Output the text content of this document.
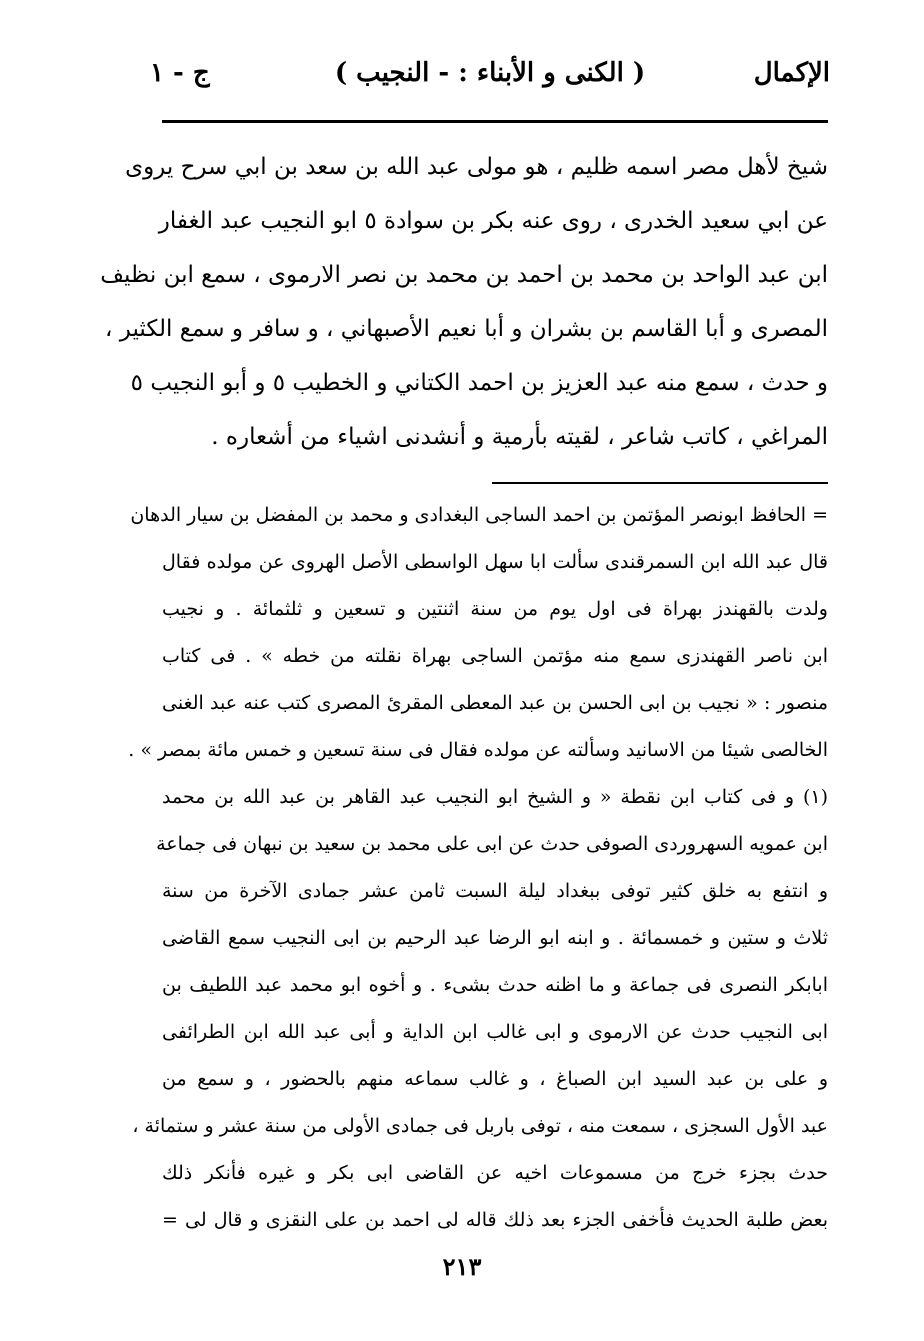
الإكمال
( الكنى و الأبناء : - النجيب )
ج - ١
شيخ لأهل مصر اسمه ظليم ، هو مولى عبد الله بن سعد بن ابي سرح يروى
عن ابي سعيد الخدرى ، روى عنه بكر بن سوادة ٥ ابو النجيب عبد الغفار
ابن عبد الواحد بن محمد بن احمد بن محمد بن نصر الارموى ، سمع ابن نظيف
المصرى و أبا القاسم بن بشران و أبا نعيم الأصبهاني ، و سافر و سمع الكثير ،
و حدث ، سمع منه عبد العزيز بن احمد الكتاني و الخطيب ٥ و أبو النجيب ٥
المراغي ، كاتب شاعر ، لقيته بأرمية و أنشدنى اشياء من أشعاره .
= الحافظ ابونصر المؤتمن بن احمد الساجى البغدادى و محمد بن المفضل بن سيار الدهان
قال عبد الله ابن السمرقندى سألت ابا سهل الواسطى الأصل الهروى عن مولده فقال
ولدت بالقهندز بهراة فى اول يوم من سنة اثنتين و تسعين و ثلثمائة . و نجيب
ابن ناصر القهندزى سمع منه مؤتمن الساجى بهراة نقلته من خطه » . فى كتاب
منصور : « نجيب بن ابى الحسن بن عبد المعطى المقرئ المصرى كتب عنه عبد الغنى
الخالصى شيئا من الاسانيد وسألته عن مولده فقال فى سنة تسعين و خمس مائة بمصر » .
(١) و فى كتاب ابن نقطة « و الشيخ ابو النجيب عبد القاهر بن عبد الله بن محمد
ابن عمويه السهروردى الصوفى حدث عن ابى على محمد بن سعيد بن نبهان فى جماعة
و انتفع به خلق كثير توفى ببغداد ليلة السبت ثامن عشر جمادى الآخرة من سنة
ثلاث و ستين و خمسمائة . و ابنه ابو الرضا عبد الرحيم بن ابى النجيب سمع القاضى
ابابكر النصرى فى جماعة و ما اظنه حدث بشىء . و أخوه ابو محمد عبد اللطيف بن
ابى النجيب حدث عن الارموى و ابى غالب ابن الداية و أبى عبد الله ابن الطرائفى
و على بن عبد السيد ابن الصباغ ، و غالب سماعه منهم بالحضور ، و سمع من
عبد الأول السجزى ، سمعت منه ، توفى باربل فى جمادى الأولى من سنة عشر و ستمائة ،
حدث بجزء خرج من مسموعات اخيه عن القاضى ابى بكر و غيره فأنكر ذلك
بعض طلبة الحديث فأخفى الجزء بعد ذلك قاله لى احمد بن على النقزى و قال لى =
٢١٣
